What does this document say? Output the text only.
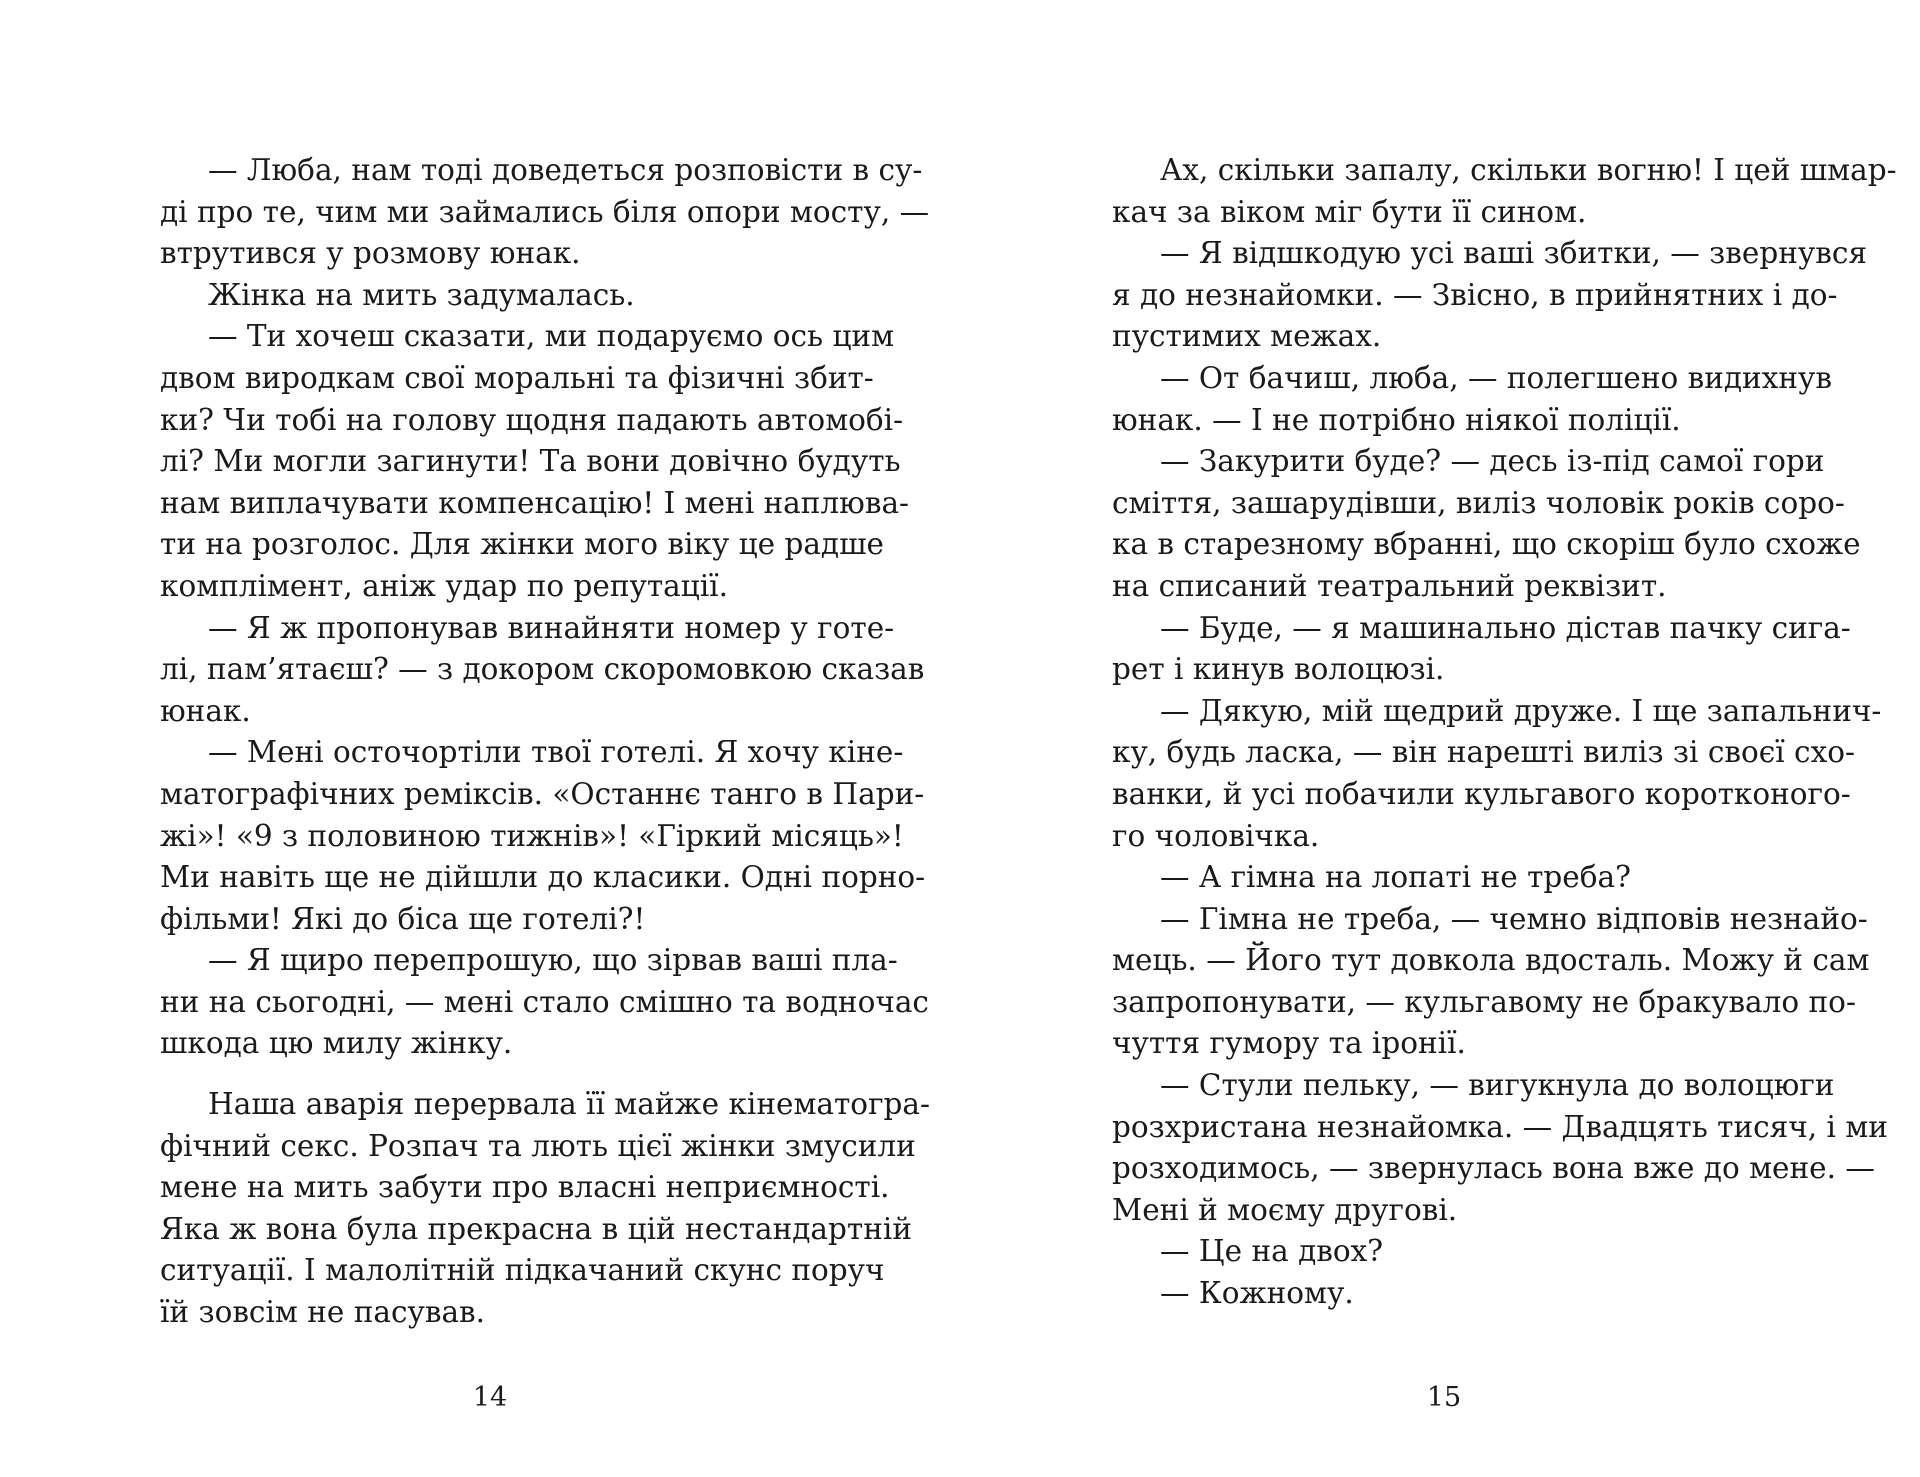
— Люба, нам тоді доведеться розповісти в су-
ді про те, чим ми займались біля опори мосту, —
втрутився у розмову юнак.
Жінка на мить задумалась.
— Ти хочеш сказати, ми подаруємо ось цим
двом виродкам свої моральні та фізичні збит-
ки? Чи тобі на голову щодня падають автомобі-
лі? Ми могли загинути! Та вони довічно будуть
нам виплачувати компенсацію! І мені наплюва-
ти на розголос. Для жінки мого віку це радше
комплімент, аніж удар по репутації.
— Я ж пропонував винайняти номер у готе-
лі, пам’ятаєш? — з докором скоромовкою сказав
юнак.
— Мені осточортіли твої готелі. Я хочу кіне-
матографічних реміксів. «Останнє танго в Пари-
жі»! «9 з половиною тижнів»! «Гіркий місяць»!
Ми навіть ще не дійшли до класики. Одні порно-
фільми! Які до біса ще готелі?!
— Я щиро перепрошую, що зірвав ваші пла-
ни на сьогодні, — мені стало смішно та водночас
шкода цю милу жінку.
Наша аварія перервала її майже кінематогра-
фічний секс. Розпач та лють цієї жінки змусили
мене на мить забути про власні неприємності.
Яка ж вона була прекрасна в цій нестандартній
ситуації. І малолітній підкачаний скунс поруч
їй зовсім не пасував.
Ах, скільки запалу, скільки вогню! І цей шмар-
кач за віком міг бути її сином.
— Я відшкодую усі ваші збитки, — звернувся
я до незнайомки. — Звісно, в прийнятних і до-
пустимих межах.
— От бачиш, люба, — полегшено видихнув
юнак. — І не потрібно ніякої поліції.
— Закурити буде? — десь із-під самої гори
сміття, зашарудівши, виліз чоловік років соро-
ка в старезному вбранні, що скоріш було схоже
на списаний театральний реквізит.
— Буде, — я машинально дістав пачку сига-
рет і кинув волоцюзі.
— Дякую, мій щедрий друже. І ще запальнич-
ку, будь ласка, — він нарешті виліз зі своєї схо-
ванки, й усі побачили кульгавого коротконого-
го чоловічка.
— А гімна на лопаті не треба?
— Гімна не треба, — чемно відповів незнайо-
мець. — Його тут довкола вдосталь. Можу й сам
запропонувати, — кульгавому не бракувало по-
чуття гумору та іронії.
— Стули пельку, — вигукнула до волоцюги
розхристана незнайомка. — Двадцять тисяч, і ми
розходимось, — звернулась вона вже до мене. —
Мені й моєму другові.
— Це на двох?
— Кожному.
14	15
